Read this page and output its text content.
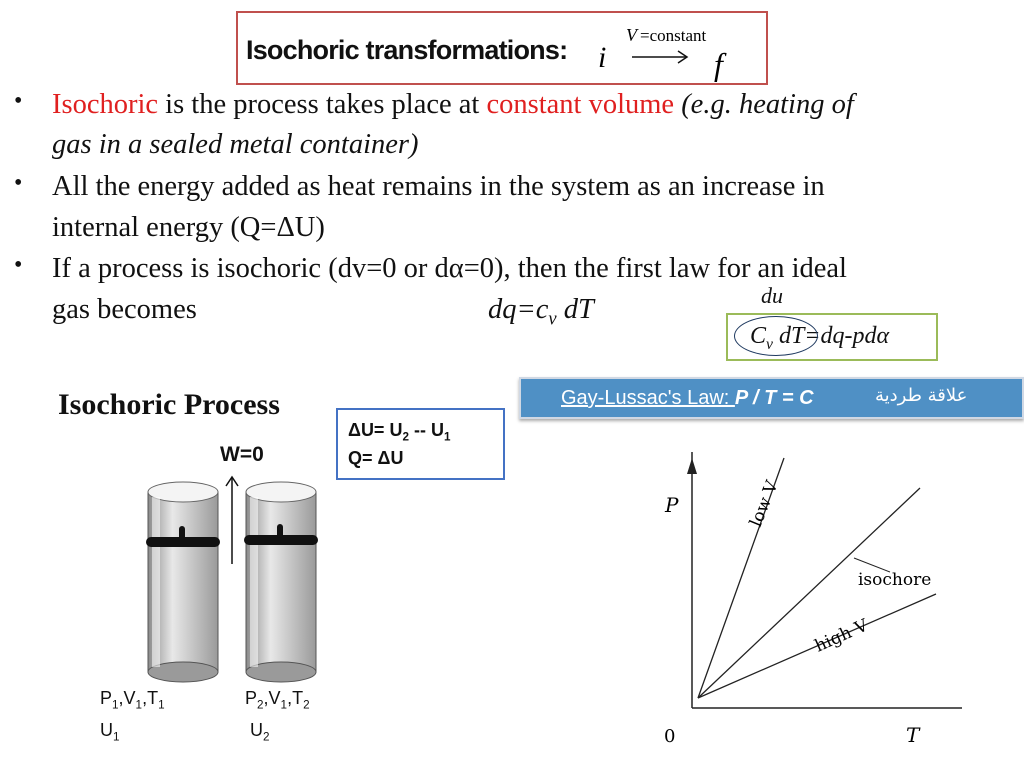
Isochoric transformations: i
V =constant
f
• Isochoric is the process takes place at constant volume (e.g. heating of
gas in a sealed metal container)
• All the energy added as heat remains in the system as an increase in
internal energy (Q=ΔU)
• If a process is isochoric (dv=0 or dα=0), then the first law for an ideal
gas becomes	$dq=c_v$ dT	du
$C_v$ dT=dq-pdα
Gay-Lussac's Law: P / T = C	علاقة طردية
Isochoric Process
$\Delta U= U_2 -- U_1$
Q= ΔU
W=0
$P_1,V_1,T_1$
$U_1$
$P_2,V_1,T_2$
$U_2$
P
T
0
low V
isochore
high V
